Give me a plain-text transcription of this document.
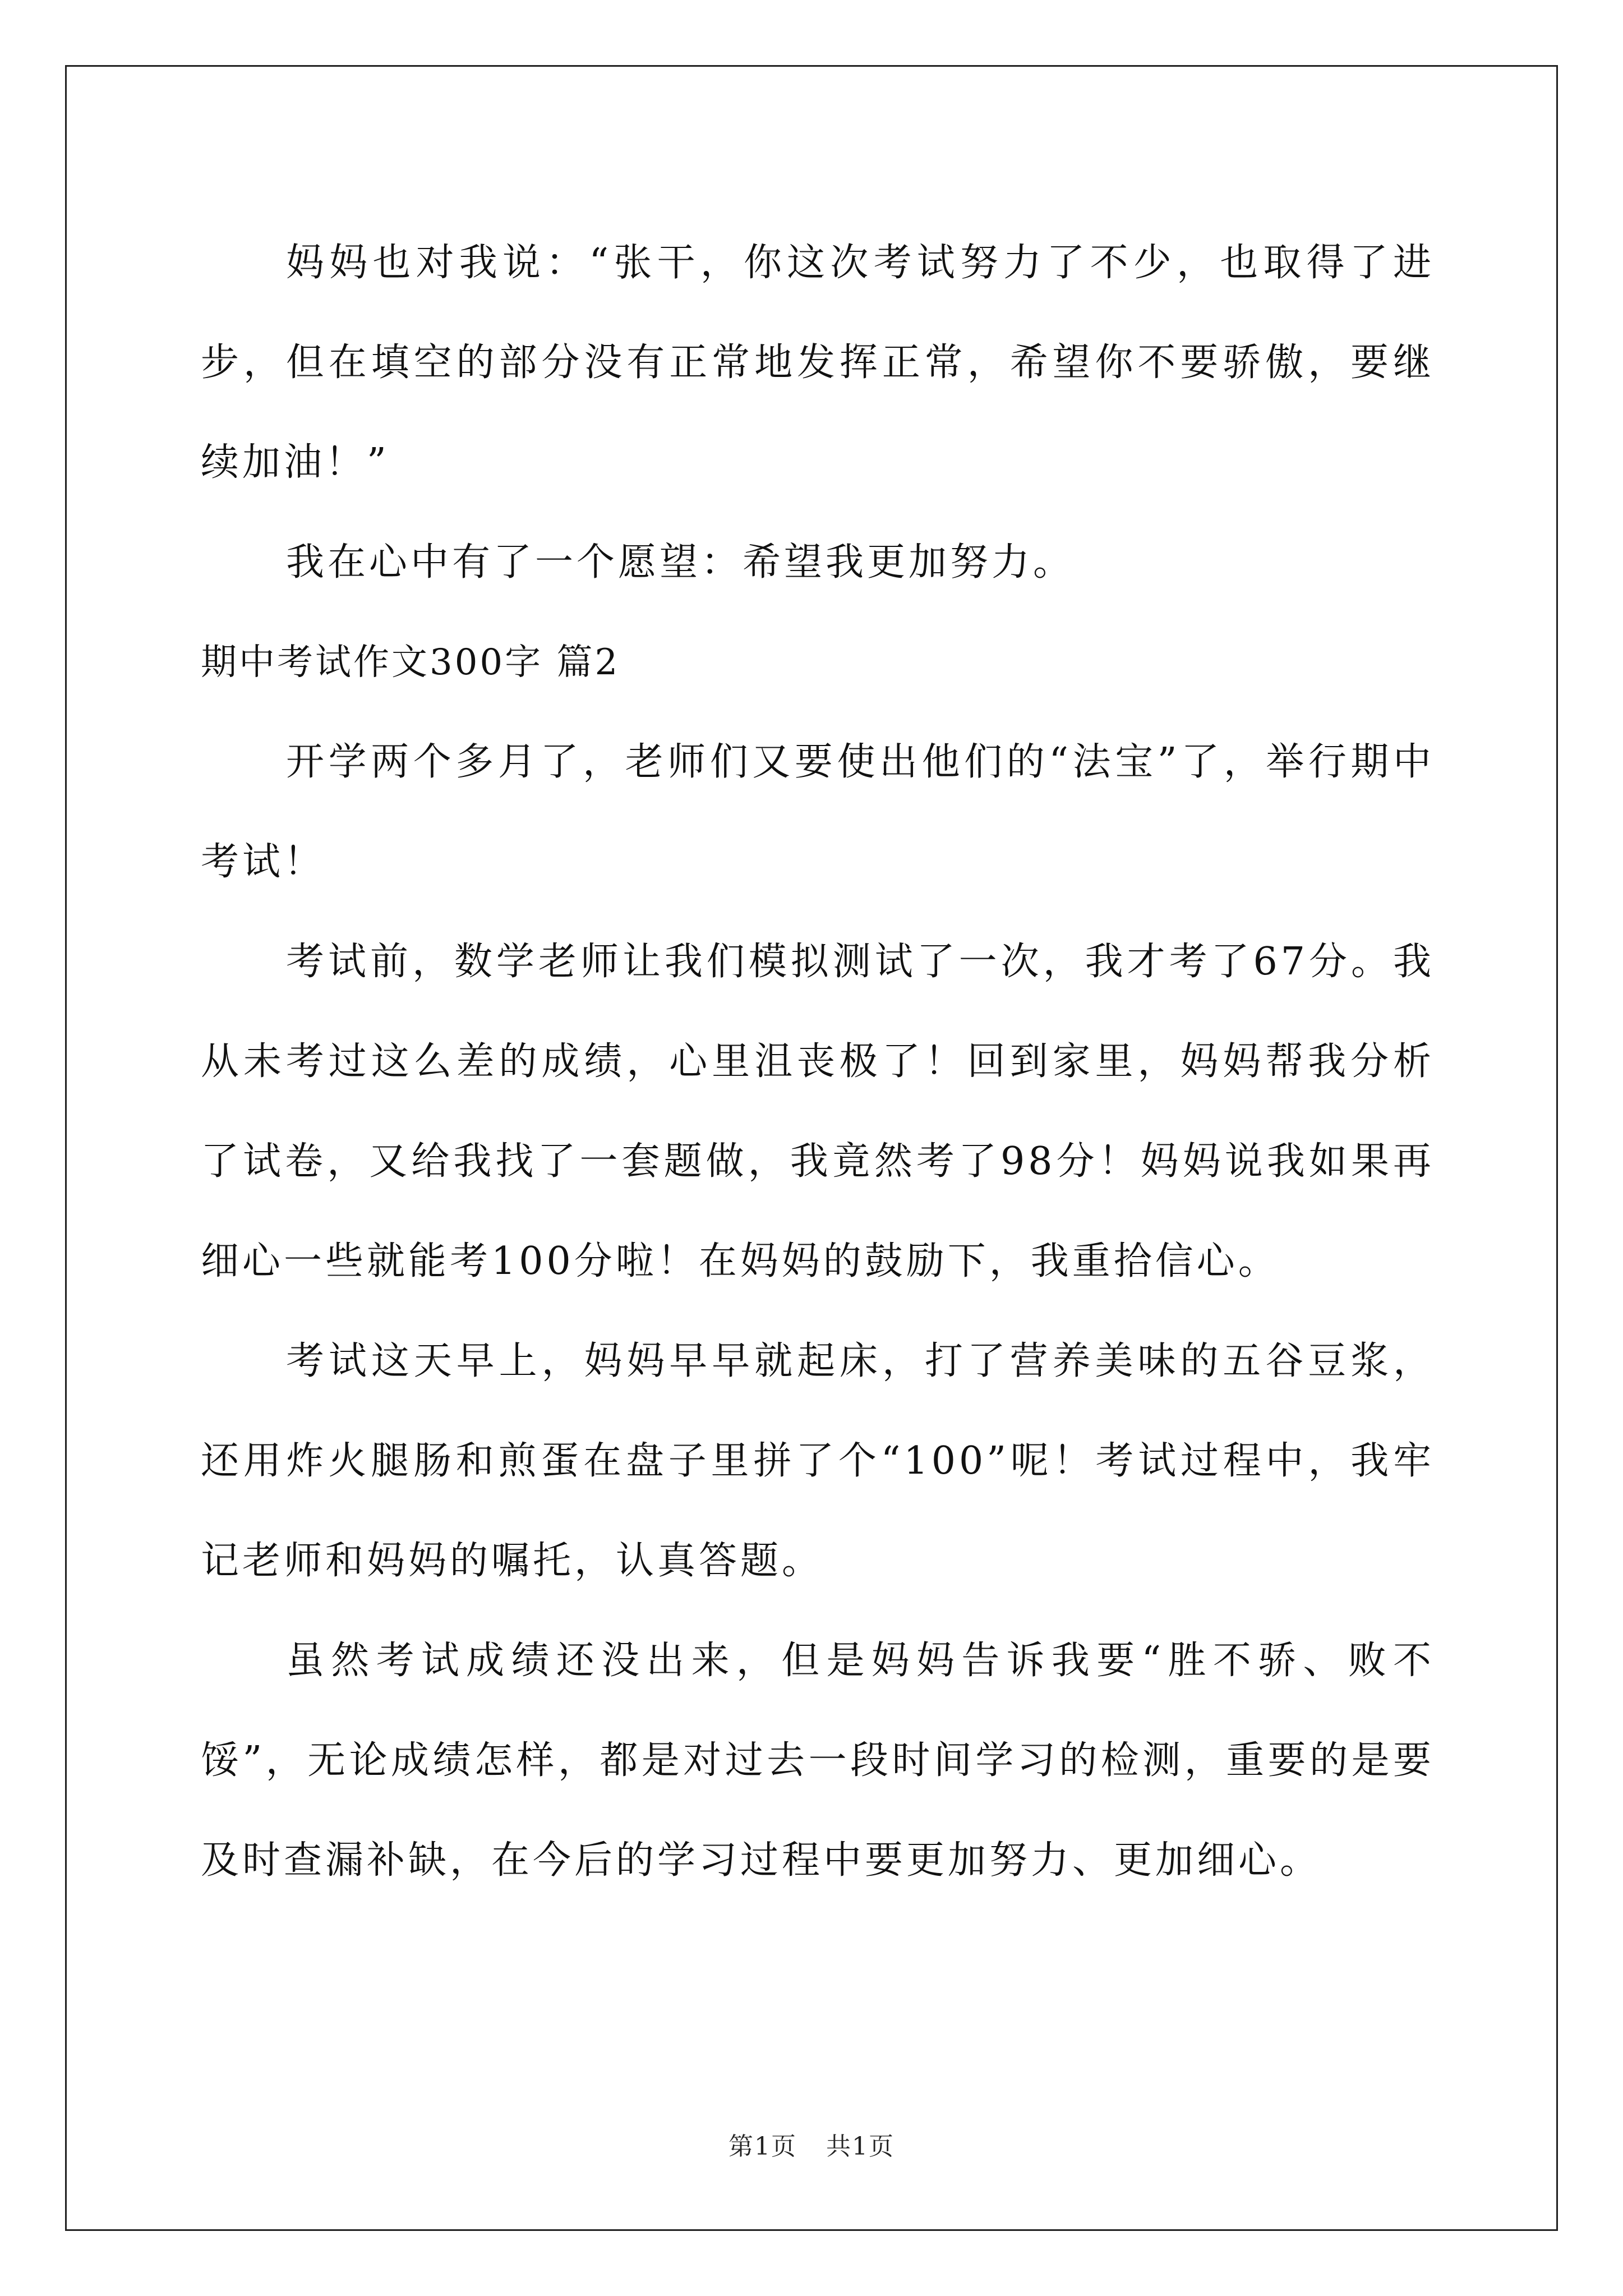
妈妈也对我说：“张干，你这次考试努力了不少，也取得了进步，但在填空的部分没有正常地发挥正常，希望你不要骄傲，要继续加油！”

我在心中有了一个愿望：希望我更加努力。

期中考试作文300字 篇2

开学两个多月了，老师们又要使出他们的“法宝”了，举行期中考试！

考试前，数学老师让我们模拟测试了一次，我才考了67分。我从未考过这么差的成绩，心里沮丧极了！回到家里，妈妈帮我分析了试卷，又给我找了一套题做，我竟然考了98分！妈妈说我如果再细心一些就能考100分啦！在妈妈的鼓励下，我重拾信心。

考试这天早上，妈妈早早就起床，打了营养美味的五谷豆浆，还用炸火腿肠和煎蛋在盘子里拼了个“100”呢！考试过程中，我牢记老师和妈妈的嘱托，认真答题。

虽然考试成绩还没出来，但是妈妈告诉我要“胜不骄、败不馁”，无论成绩怎样，都是对过去一段时间学习的检测，重要的是要及时查漏补缺，在今后的学习过程中要更加努力、更加细心。

第1页 共1页
